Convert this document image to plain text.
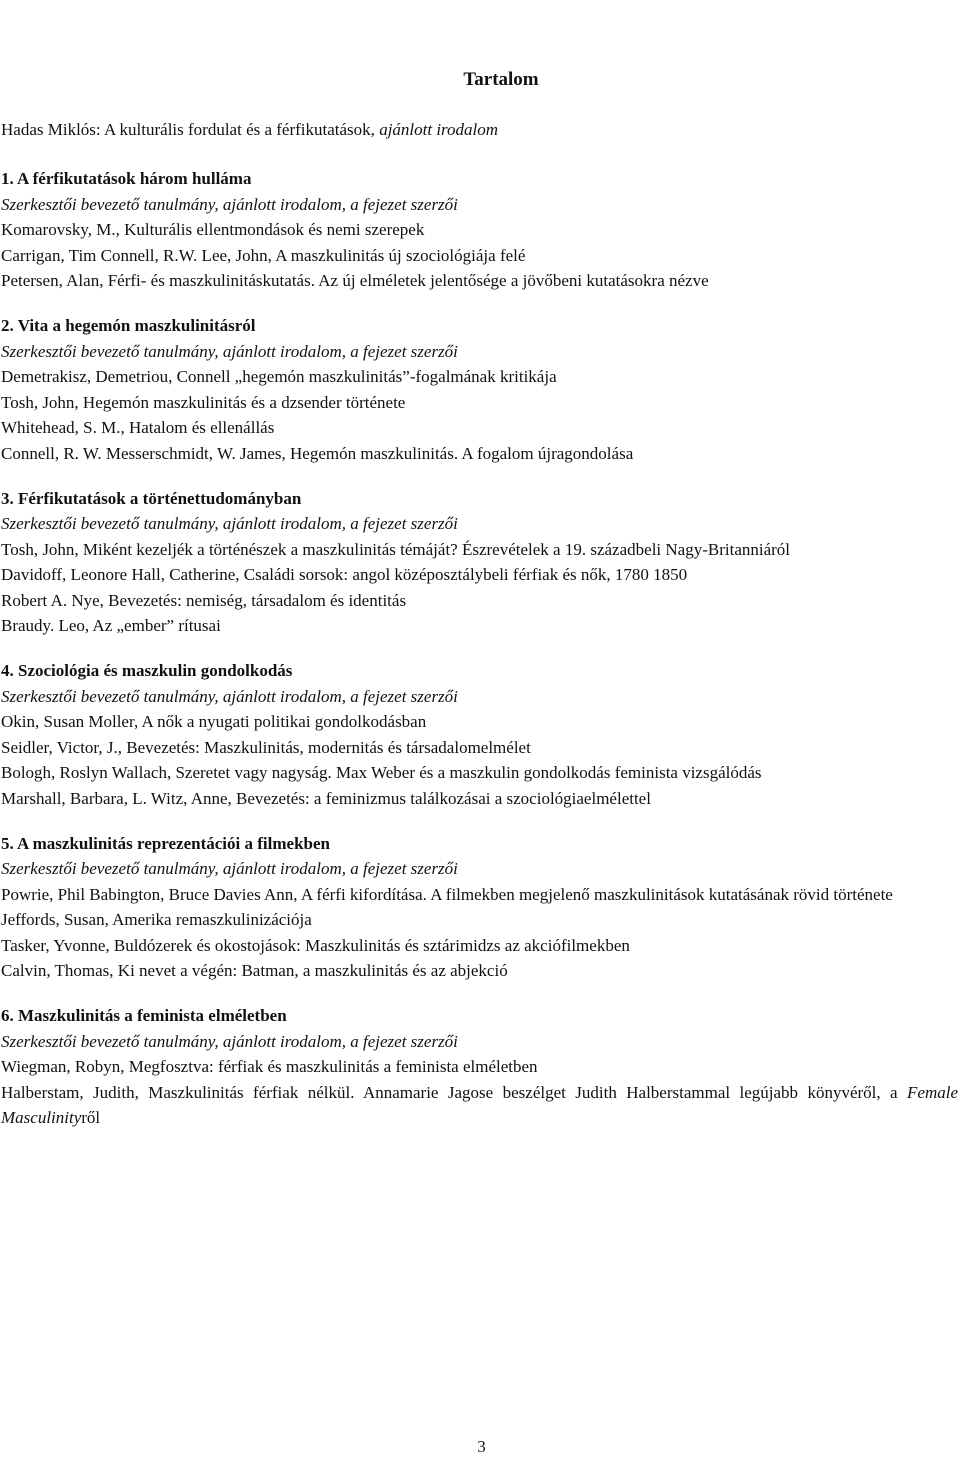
Tartalom
Hadas Miklós: A kulturális fordulat és a férfikutatások, ajánlott irodalom
1. A férfikutatások három hulláma
Szerkesztői bevezető tanulmány, ajánlott irodalom, a fejezet szerzői
Komarovsky, M., Kulturális ellentmondások és nemi szerepek
Carrigan, Tim Connell, R.W. Lee, John, A maszkulinitás új szociológiája felé
Petersen, Alan, Férfi- és maszkulinitáskutatás. Az új elméletek jelentősége a jövőbeni kutatásokra nézve
2. Vita a hegemón maszkulinitásról
Szerkesztői bevezető tanulmány, ajánlott irodalom, a fejezet szerzői
Demetrakisz, Demetriou, Connell „hegemón maszkulinitás”-fogalmának kritikája
Tosh, John, Hegemón maszkulinitás és a dzsender története
Whitehead, S. M., Hatalom és ellenállás
Connell, R. W. Messerschmidt, W. James, Hegemón maszkulinitás. A fogalom újragondolása
3. Férfikutatások a történettudományban
Szerkesztői bevezető tanulmány, ajánlott irodalom, a fejezet szerzői
Tosh, John, Miként kezeljék a történészek a maszkulinitás témáját? Észrevételek a 19. századbeli Nagy-Britanniáról
Davidoff, Leonore Hall, Catherine, Családi sorsok: angol középosztálybeli férfiak és nők, 1780 1850
Robert A. Nye, Bevezetés: nemiség, társadalom és identitás
Braudy. Leo, Az „ember” rítusai
4. Szociológia és maszkulin gondolkodás
Szerkesztői bevezető tanulmány, ajánlott irodalom, a fejezet szerzői
Okin, Susan Moller, A nők a nyugati politikai gondolkodásban
Seidler, Victor, J., Bevezetés: Maszkulinitás, modernitás és társadalomelmélet
Bologh, Roslyn Wallach, Szeretet vagy nagyság. Max Weber és a maszkulin gondolkodás feminista vizsgálódás
Marshall, Barbara, L. Witz, Anne, Bevezetés: a feminizmus találkozásai a szociológiaelmélettel
5. A maszkulinitás reprezentációi a filmekben
Szerkesztői bevezető tanulmány, ajánlott irodalom, a fejezet szerzői
Powrie, Phil Babington, Bruce Davies Ann, A férfi kifordítása. A filmekben megjelenő maszkulinitások kutatásának rövid története
Jeffords, Susan, Amerika remaszkulinizációja
Tasker, Yvonne, Buldózerek és okostojások: Maszkulinitás és sztárimidzs az akciófilmekben
Calvin, Thomas, Ki nevet a végén: Batman, a maszkulinitás és az abjekció
6. Maszkulinitás a feminista elméletben
Szerkesztői bevezető tanulmány, ajánlott irodalom, a fejezet szerzői
Wiegman, Robyn, Megfosztva: férfiak és maszkulinitás a feminista elméletben
Halberstam, Judith, Maszkulinitás férfiak nélkül. Annamarie Jagose beszélget Judith Halberstammal legújabb könyvéről, a Female Masculinityről
3
